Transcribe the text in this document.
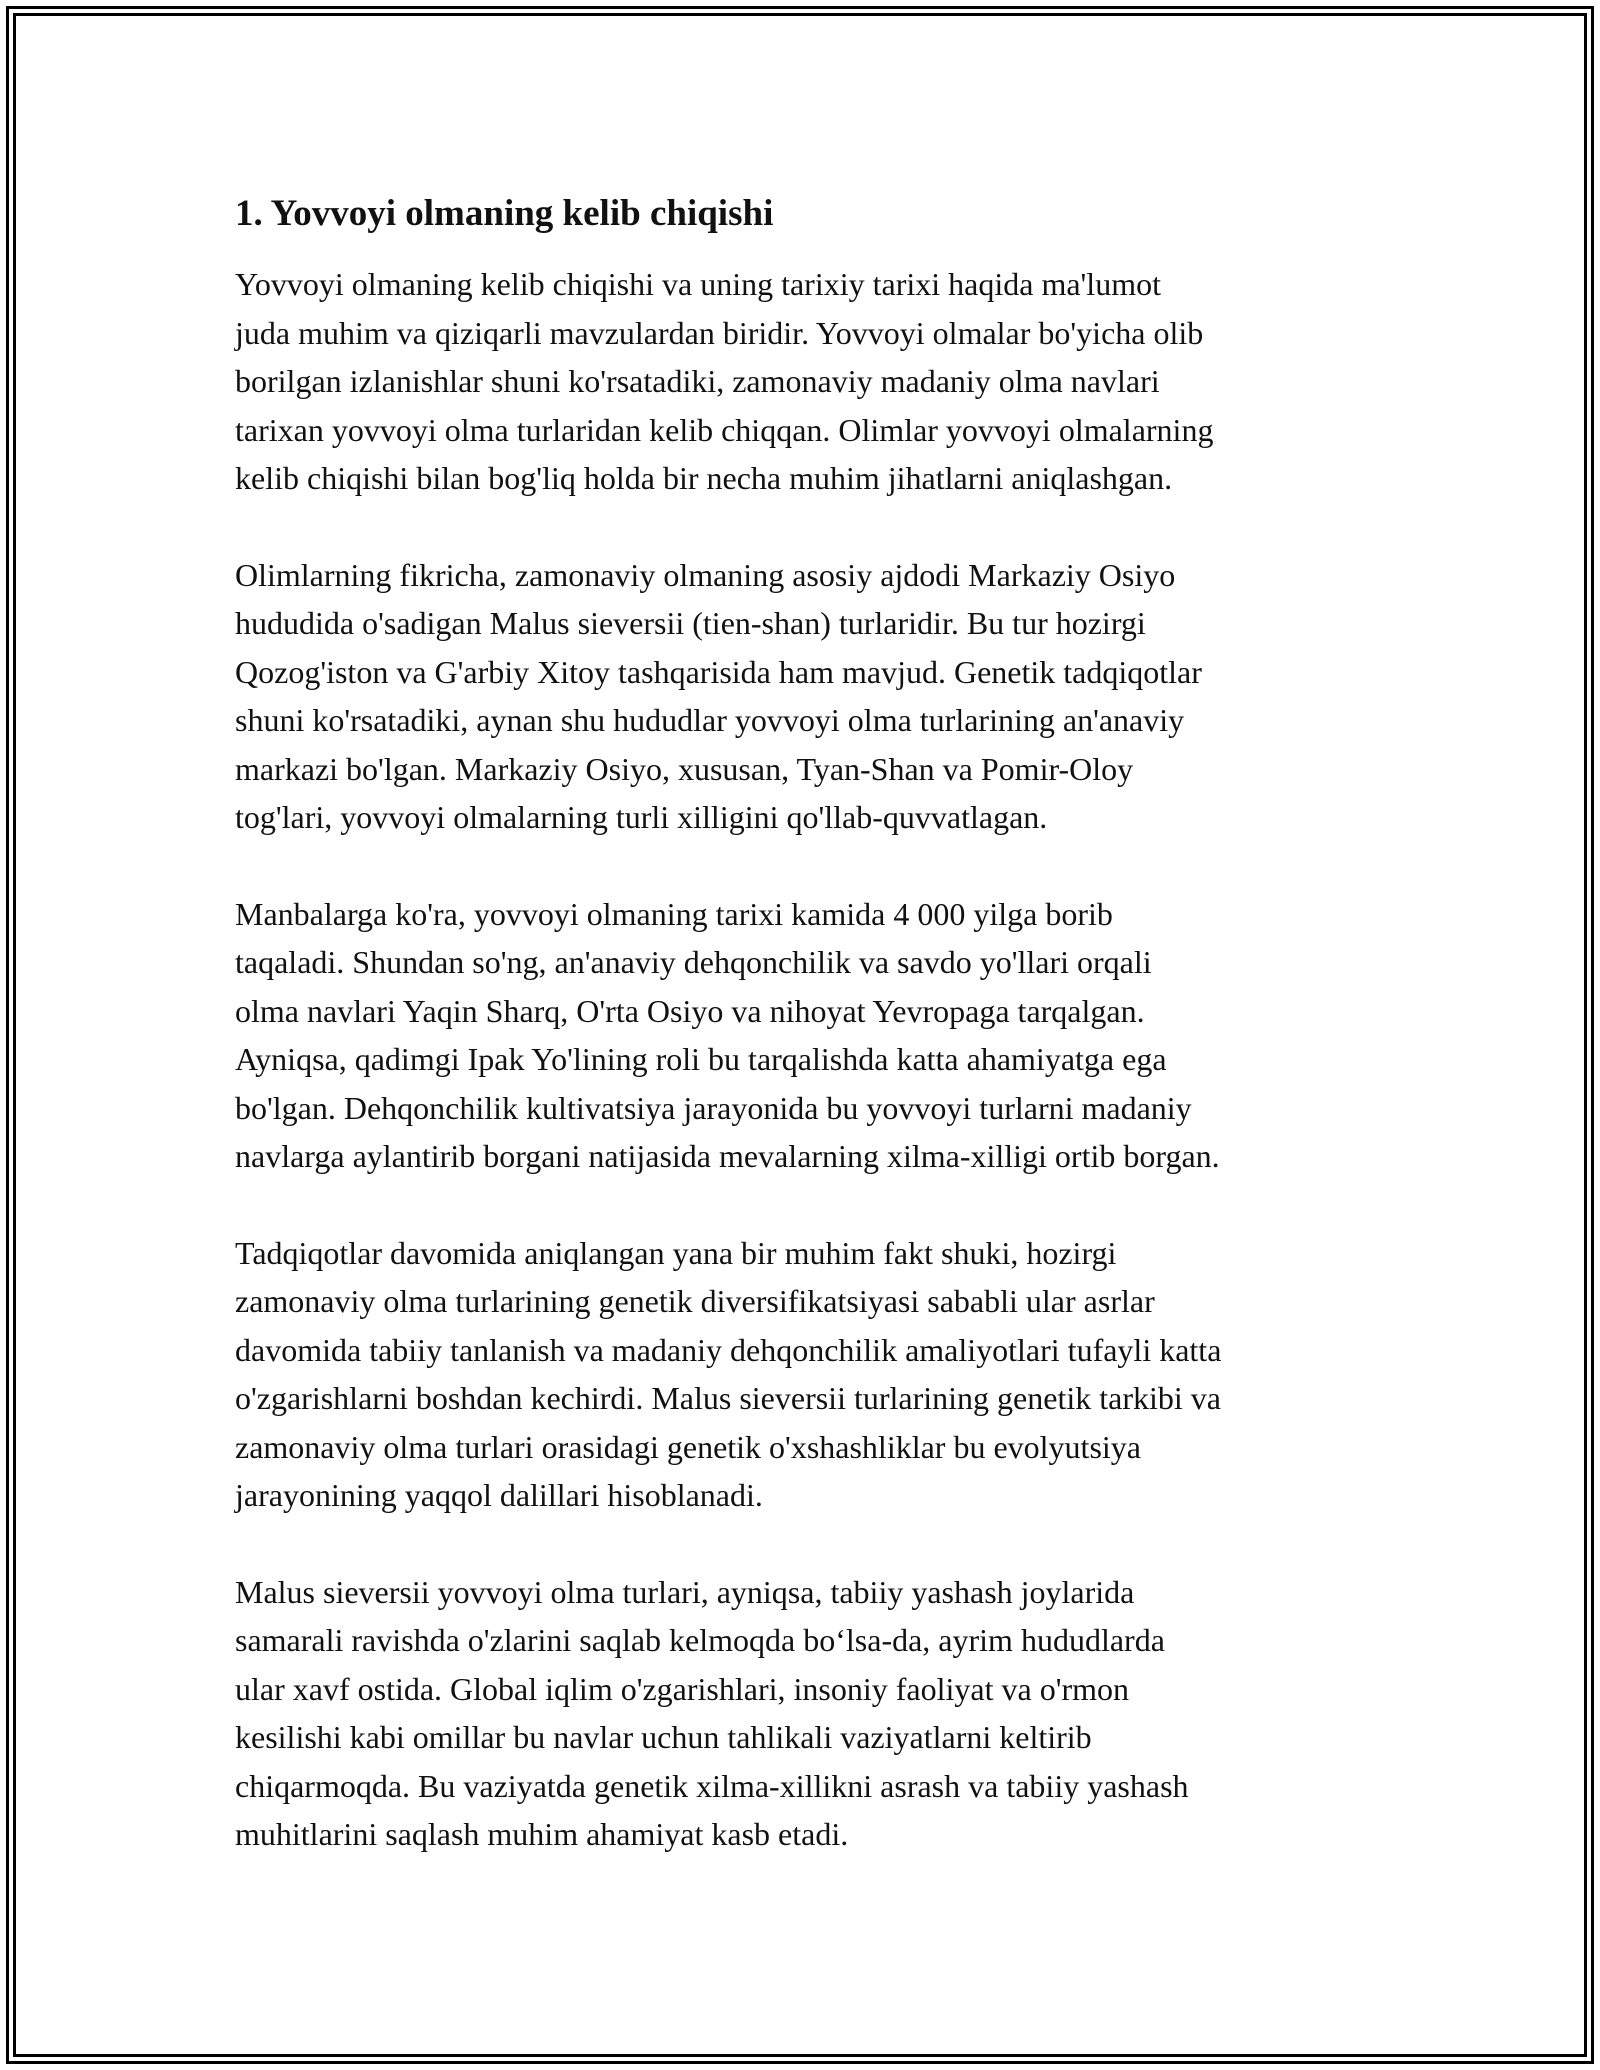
1. Yovvoyi olmaning kelib chiqishi

Yovvoyi olmaning kelib chiqishi va uning tarixiy tarixi haqida ma'lumot
juda muhim va qiziqarli mavzulardan biridir. Yovvoyi olmalar bo'yicha olib
borilgan izlanishlar shuni ko'rsatadiki, zamonaviy madaniy olma navlari
tarixan yovvoyi olma turlaridan kelib chiqqan. Olimlar yovvoyi olmalarning
kelib chiqishi bilan bog'liq holda bir necha muhim jihatlarni aniqlashgan.

Olimlarning fikricha, zamonaviy olmaning asosiy ajdodi Markaziy Osiyo
hududida o'sadigan Malus sieversii (tien-shan) turlaridir. Bu tur hozirgi
Qozog'iston va G'arbiy Xitoy tashqarisida ham mavjud. Genetik tadqiqotlar
shuni ko'rsatadiki, aynan shu hududlar yovvoyi olma turlarining an'anaviy
markazi bo'lgan. Markaziy Osiyo, xususan, Tyan-Shan va Pomir-Oloy
tog'lari, yovvoyi olmalarning turli xilligini qo'llab-quvvatlagan.

Manbalarga ko'ra, yovvoyi olmaning tarixi kamida 4 000 yilga borib
taqaladi. Shundan so'ng, an'anaviy dehqonchilik va savdo yo'llari orqali
olma navlari Yaqin Sharq, O'rta Osiyo va nihoyat Yevropaga tarqalgan.
Ayniqsa, qadimgi Ipak Yo'lining roli bu tarqalishda katta ahamiyatga ega
bo'lgan. Dehqonchilik kultivatsiya jarayonida bu yovvoyi turlarni madaniy
navlarga aylantirib borgani natijasida mevalarning xilma-xilligi ortib borgan.

Tadqiqotlar davomida aniqlangan yana bir muhim fakt shuki, hozirgi
zamonaviy olma turlarining genetik diversifikatsiyasi sababli ular asrlar
davomida tabiiy tanlanish va madaniy dehqonchilik amaliyotlari tufayli katta
o'zgarishlarni boshdan kechirdi. Malus sieversii turlarining genetik tarkibi va
zamonaviy olma turlari orasidagi genetik o'xshashliklar bu evolyutsiya
jarayonining yaqqol dalillari hisoblanadi.

Malus sieversii yovvoyi olma turlari, ayniqsa, tabiiy yashash joylarida
samarali ravishda o'zlarini saqlab kelmoqda bo‘lsa-da, ayrim hududlarda
ular xavf ostida. Global iqlim o'zgarishlari, insoniy faoliyat va o'rmon
kesilishi kabi omillar bu navlar uchun tahlikali vaziyatlarni keltirib
chiqarmoqda. Bu vaziyatda genetik xilma-xillikni asrash va tabiiy yashash
muhitlarini saqlash muhim ahamiyat kasb etadi.
